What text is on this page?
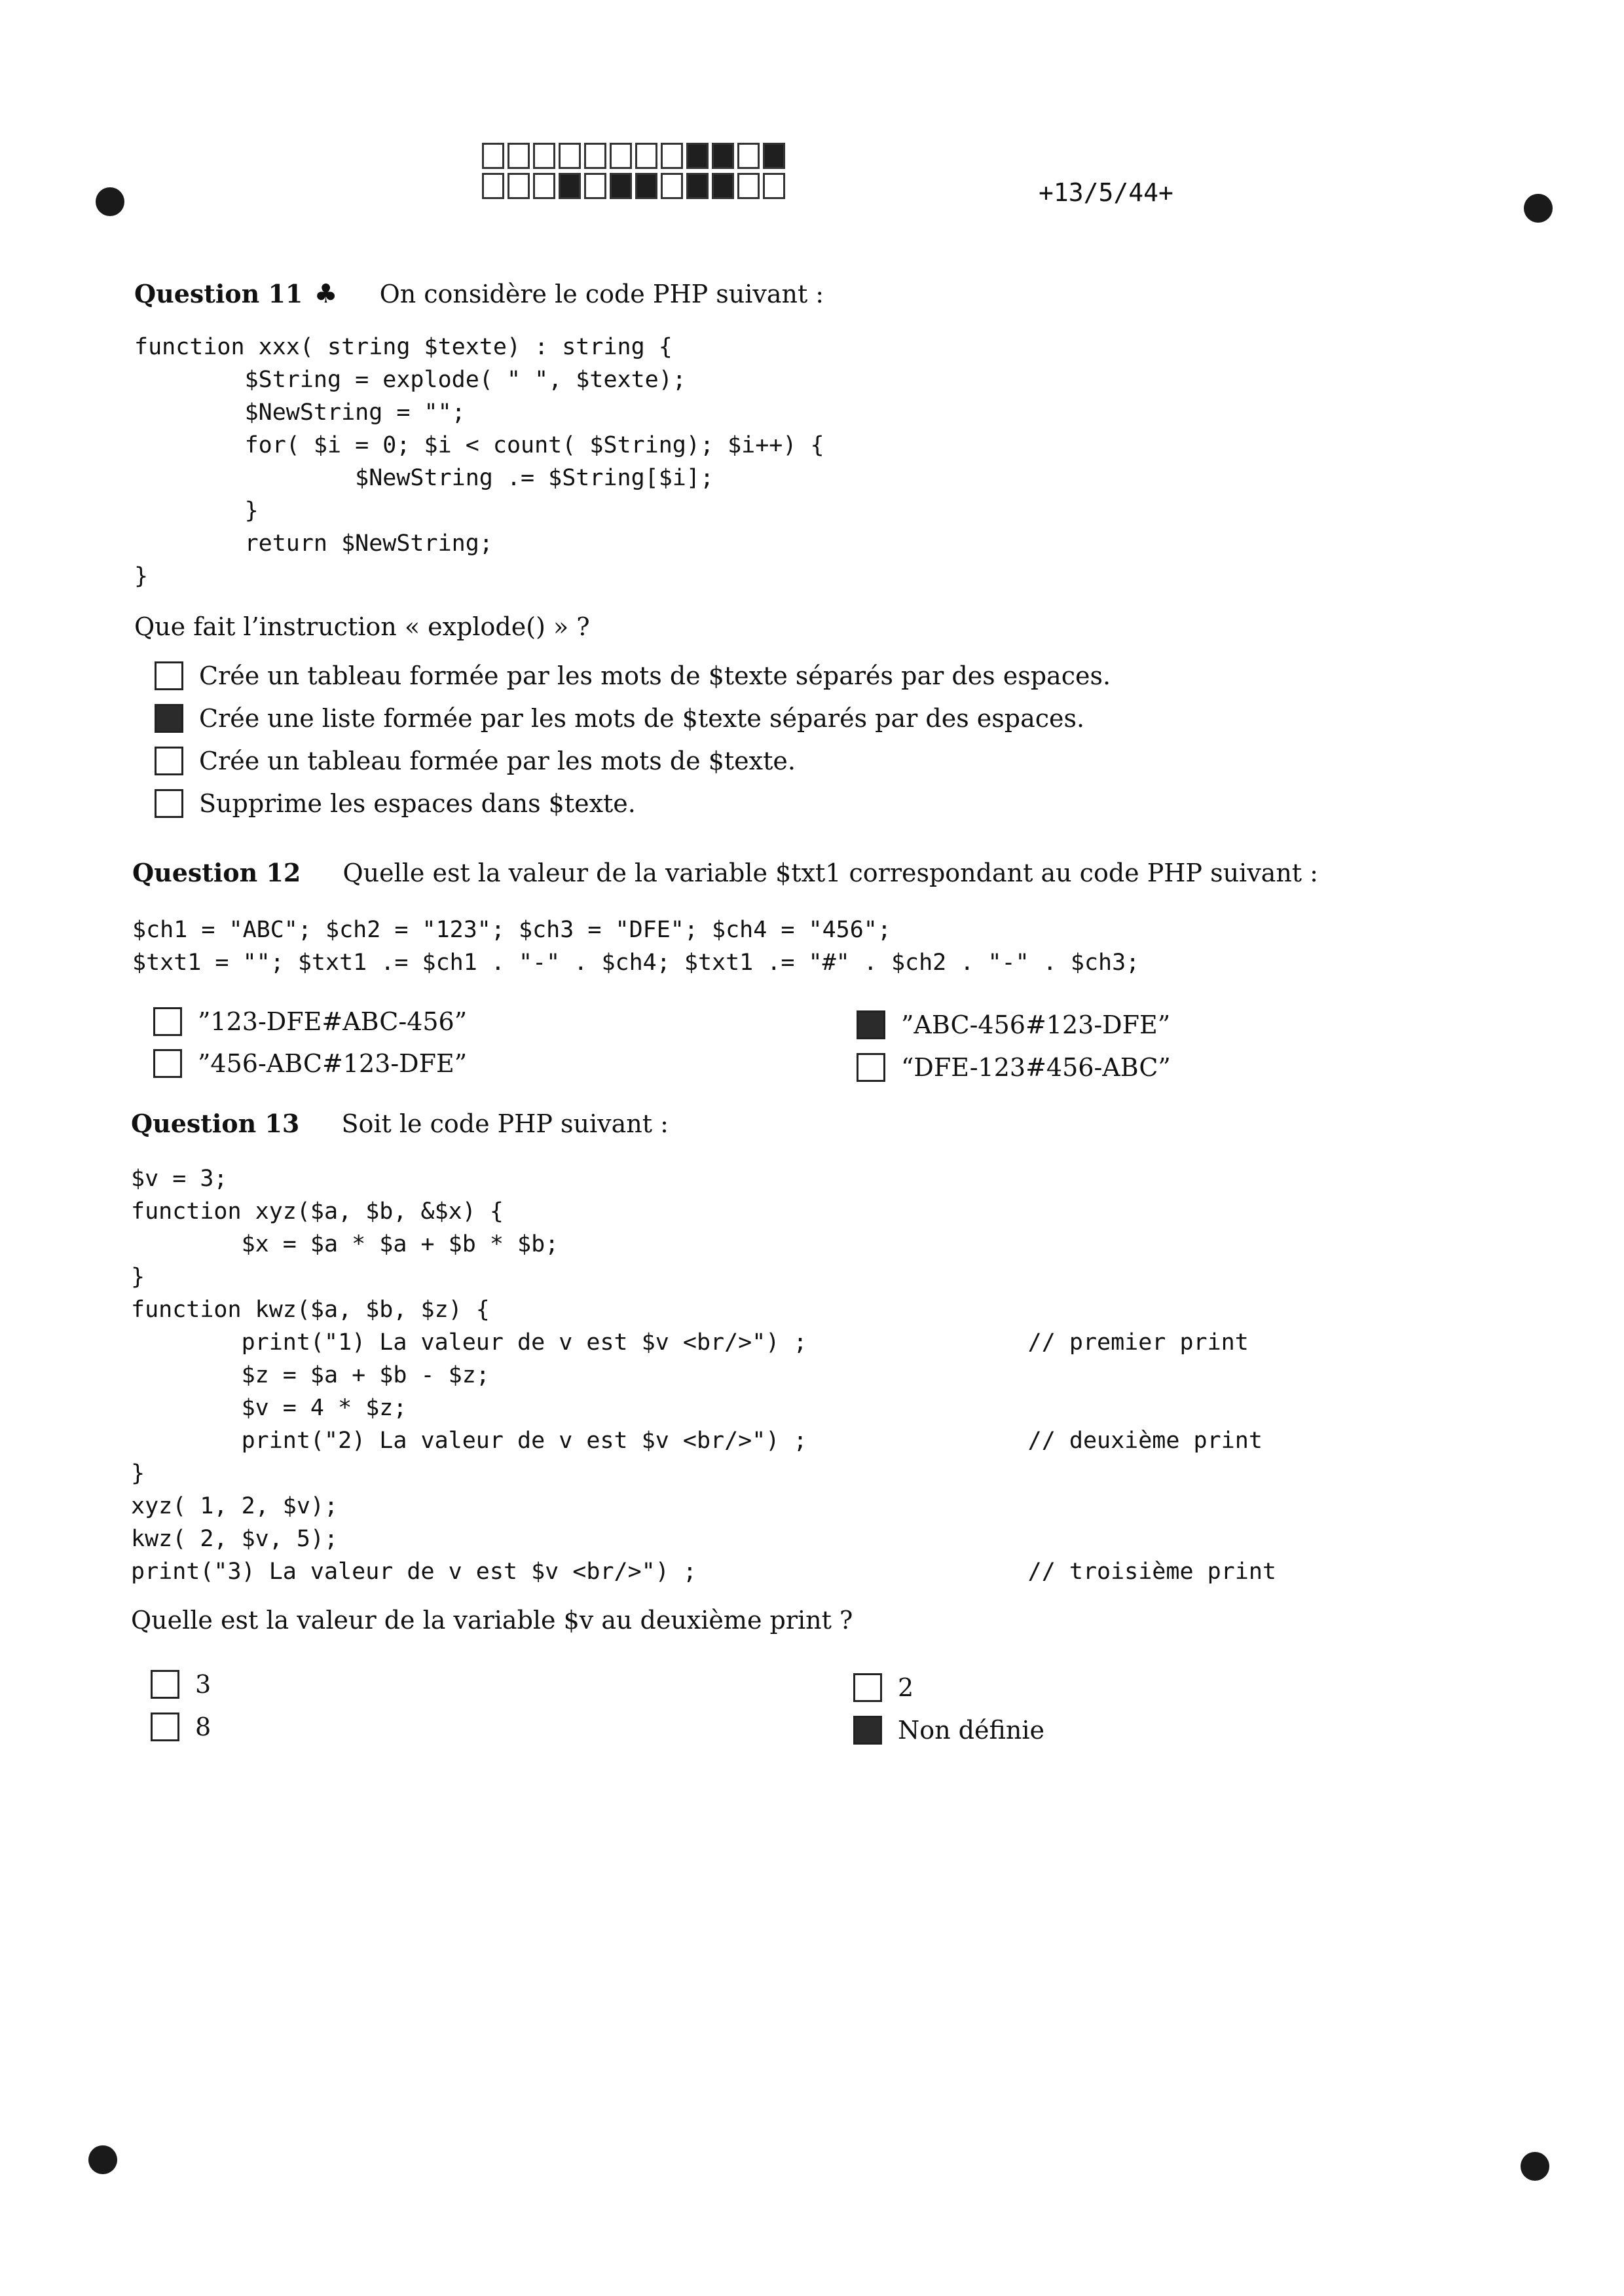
+13/5/44+
Question 11 ♣ On considère le code PHP suivant :
function xxx( string $texte) : string {
$String = explode( " ", $texte);
$NewString = "";
for( $i = 0; $i < count( $String); $i++) {
$NewString .= $String[$i];
}
return $NewString;
}
Que fait l’instruction « explode() » ?
Crée un tableau formée par les mots de $texte séparés par des espaces.
Crée une liste formée par les mots de $texte séparés par des espaces.
Crée un tableau formée par les mots de $texte.
Supprime les espaces dans $texte.
Question 12 Quelle est la valeur de la variable $txt1 correspondant au code PHP suivant :
$ch1 = "ABC"; $ch2 = "123"; $ch3 = "DFE"; $ch4 = "456";
$txt1 = ""; $txt1 .= $ch1 . "-" . $ch4; $txt1 .= "#" . $ch2 . "-" . $ch3;
”123-DFE#ABC-456”
”456-ABC#123-DFE”
”ABC-456#123-DFE”
“DFE-123#456-ABC”
Question 13 Soit le code PHP suivant :
$v = 3;
function xyz($a, $b, &$x) {
$x = $a * $a + $b * $b;
}
function kwz($a, $b, $z) {
print("1) La valeur de v est $v <br/>") ;                // premier print
$z = $a + $b - $z;
$v = 4 * $z;
print("2) La valeur de v est $v <br/>") ;                // deuxième print
}
xyz( 1, 2, $v);
kwz( 2, $v, 5);
print("3) La valeur de v est $v <br/>") ;                        // troisième print
Quelle est la valeur de la variable $v au deuxième print ?
3
8
2
Non définie
